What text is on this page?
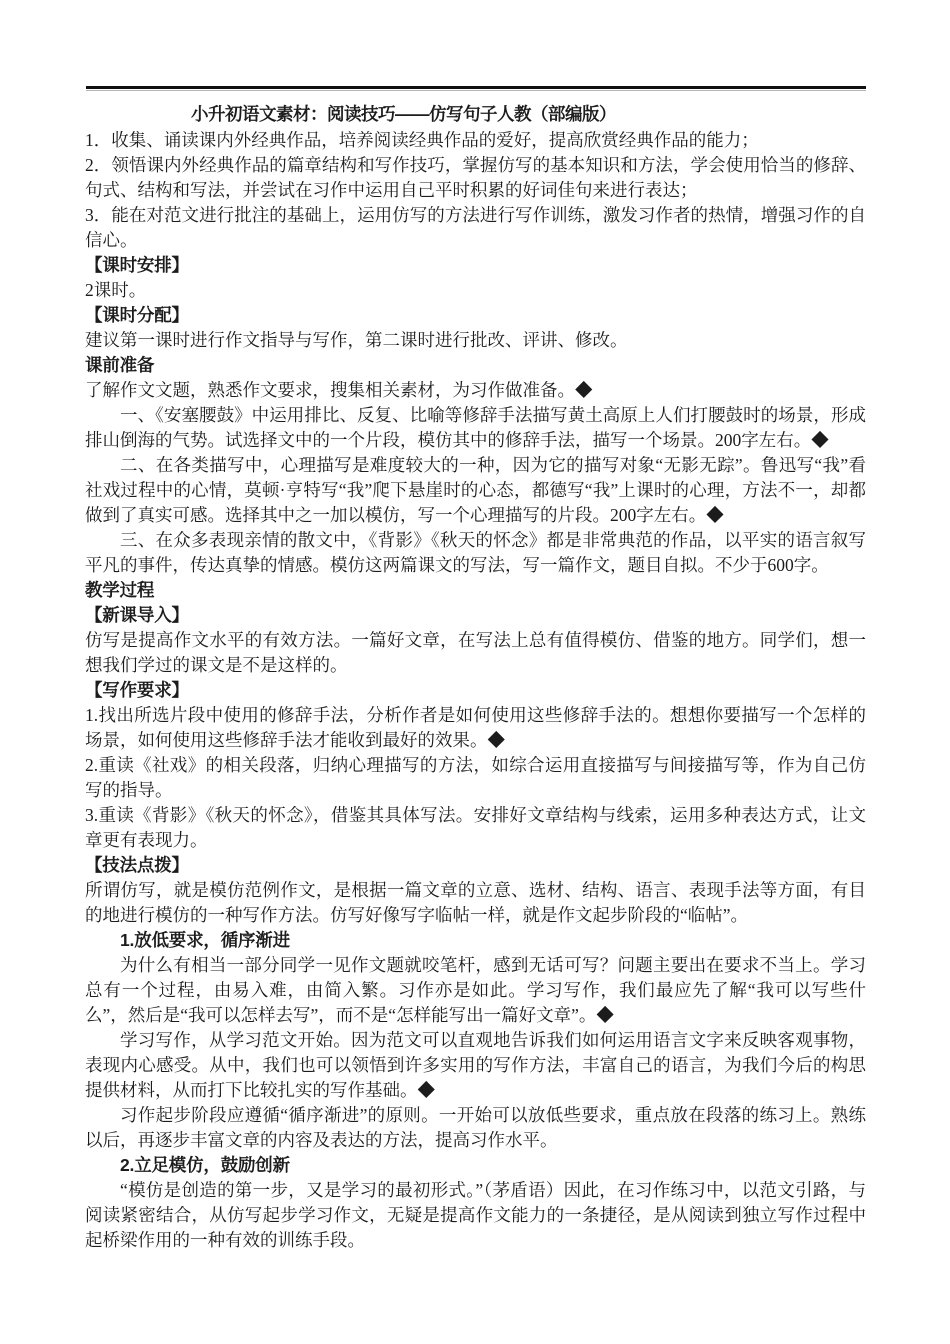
小升初语文素材：阅读技巧——仿写句子人教（部编版）

1．收集、诵读课内外经典作品，培养阅读经典作品的爱好，提高欣赏经典作品的能力；

2．领悟课内外经典作品的篇章结构和写作技巧，掌握仿写的基本知识和方法，学会使用恰当的修辞、句式、结构和写法，并尝试在习作中运用自己平时积累的好词佳句来进行表达；

3．能在对范文进行批注的基础上，运用仿写的方法进行写作训练，激发习作者的热情，增强习作的自信心。

【课时安排】

2课时。

【课时分配】

建议第一课时进行作文指导与写作，第二课时进行批改、评讲、修改。

课前准备

了解作文文题，熟悉作文要求，搜集相关素材，为习作做准备。◆

一、《安塞腰鼓》中运用排比、反复、比喻等修辞手法描写黄土高原上人们打腰鼓时的场景，形成排山倒海的气势。试选择文中的一个片段，模仿其中的修辞手法，描写一个场景。200字左右。◆

二、在各类描写中，心理描写是难度较大的一种，因为它的描写对象“无影无踪”。鲁迅写“我”看社戏过程中的心情，莫顿·亨特写“我”爬下悬崖时的心态，都德写“我”上课时的心理，方法不一，却都做到了真实可感。选择其中之一加以模仿，写一个心理描写的片段。200字左右。◆

三、在众多表现亲情的散文中，《背影》《秋天的怀念》都是非常典范的作品，以平实的语言叙写平凡的事件，传达真挚的情感。模仿这两篇课文的写法，写一篇作文，题目自拟。不少于600字。

教学过程

【新课导入】

仿写是提高作文水平的有效方法。一篇好文章，在写法上总有值得模仿、借鉴的地方。同学们，想一想我们学过的课文是不是这样的。

【写作要求】

1.找出所选片段中使用的修辞手法，分析作者是如何使用这些修辞手法的。想想你要描写一个怎样的场景，如何使用这些修辞手法才能收到最好的效果。◆

2.重读《社戏》的相关段落，归纳心理描写的方法，如综合运用直接描写与间接描写等，作为自己仿写的指导。

3.重读《背影》《秋天的怀念》，借鉴其具体写法。安排好文章结构与线索，运用多种表达方式，让文章更有表现力。

【技法点拨】

所谓仿写，就是模仿范例作文，是根据一篇文章的立意、选材、结构、语言、表现手法等方面，有目的地进行模仿的一种写作方法。仿写好像写字临帖一样，就是作文起步阶段的“临帖”。

1.放低要求，循序渐进

为什么有相当一部分同学一见作文题就咬笔杆，感到无话可写？问题主要出在要求不当上。学习总有一个过程，由易入难，由简入繁。习作亦是如此。学习写作，我们最应先了解“我可以写些什么”，然后是“我可以怎样去写”，而不是“怎样能写出一篇好文章”。◆

学习写作，从学习范文开始。因为范文可以直观地告诉我们如何运用语言文字来反映客观事物，表现内心感受。从中，我们也可以领悟到许多实用的写作方法，丰富自己的语言，为我们今后的构思提供材料，从而打下比较扎实的写作基础。◆

习作起步阶段应遵循“循序渐进”的原则。一开始可以放低些要求，重点放在段落的练习上。熟练以后，再逐步丰富文章的内容及表达的方法，提高习作水平。

2.立足模仿，鼓励创新

“模仿是创造的第一步，又是学习的最初形式。”（茅盾语）因此，在习作练习中，以范文引路，与阅读紧密结合，从仿写起步学习作文，无疑是提高作文能力的一条捷径，是从阅读到独立写作过程中起桥梁作用的一种有效的训练手段。
